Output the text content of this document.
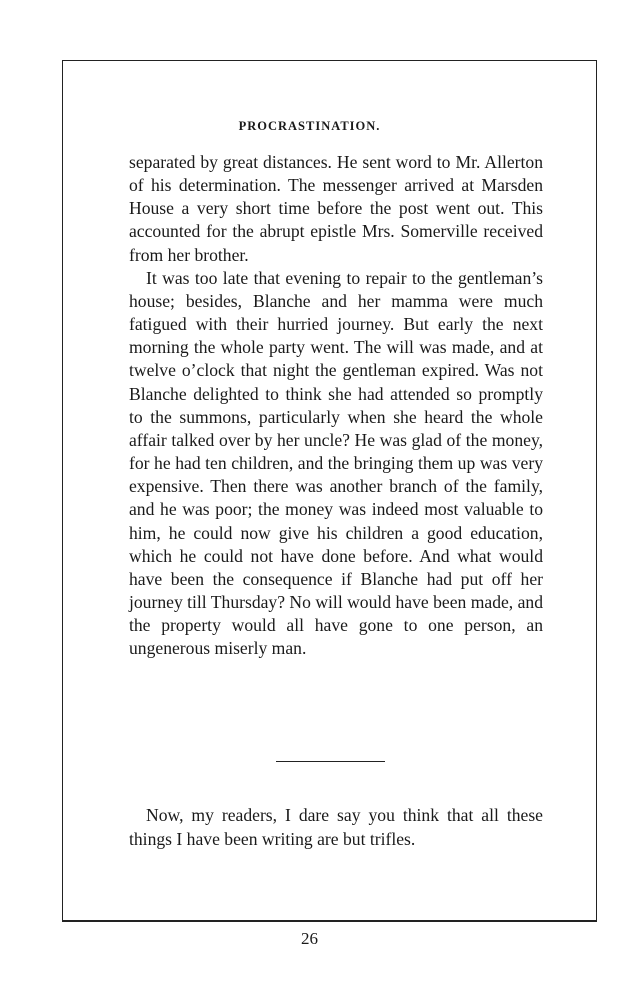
PROCRASTINATION.

separated by great distances. He sent word to Mr. Allerton of his determination. The messenger arrived at Marsden House a very short time before the post went out. This accounted for the abrupt epistle Mrs. Somerville received from her brother.

It was too late that evening to repair to the gentleman’s house; besides, Blanche and her mamma were much fatigued with their hurried journey. But early the next morning the whole party went. The will was made, and at twelve o’clock that night the gentleman expired. Was not Blanche delighted to think she had attended so promptly to the summons, particularly when she heard the whole affair talked over by her uncle? He was glad of the money, for he had ten children, and the bringing them up was very expensive. Then there was another branch of the family, and he was poor; the money was indeed most valuable to him, he could now give his children a good education, which he could not have done before. And what would have been the consequence if Blanche had put off her journey till Thursday? No will would have been made, and the property would all have gone to one person, an ungenerous miserly man.

Now, my readers, I dare say you think that all these things I have been writing are but trifles.

26
